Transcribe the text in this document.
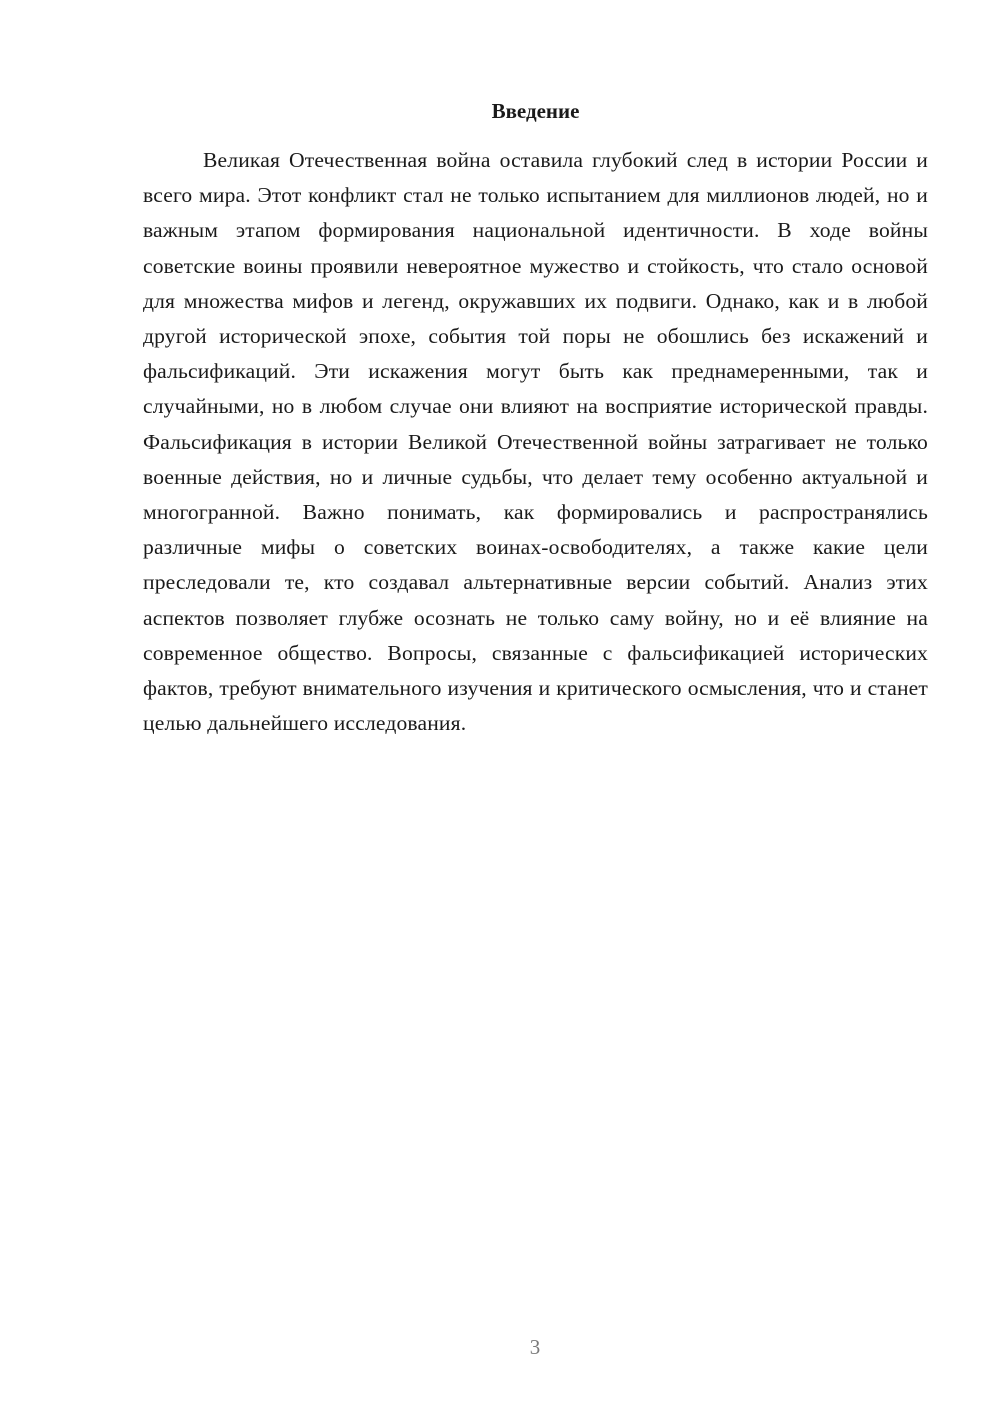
Введение

Великая Отечественная война оставила глубокий след в истории России и всего мира. Этот конфликт стал не только испытанием для миллионов людей, но и важным этапом формирования национальной идентичности. В ходе войны советские воины проявили невероятное мужество и стойкость, что стало основой для множества мифов и легенд, окружавших их подвиги. Однако, как и в любой другой исторической эпохе, события той поры не обошлись без искажений и фальсификаций. Эти искажения могут быть как преднамеренными, так и случайными, но в любом случае они влияют на восприятие исторической правды. Фальсификация в истории Великой Отечественной войны затрагивает не только военные действия, но и личные судьбы, что делает тему особенно актуальной и многогранной. Важно понимать, как формировались и распространялись различные мифы о советских воинах-освободителях, а также какие цели преследовали те, кто создавал альтернативные версии событий. Анализ этих аспектов позволяет глубже осознать не только саму войну, но и её влияние на современное общество. Вопросы, связанные с фальсификацией исторических фактов, требуют внимательного изучения и критического осмысления, что и станет целью дальнейшего исследования.

3
